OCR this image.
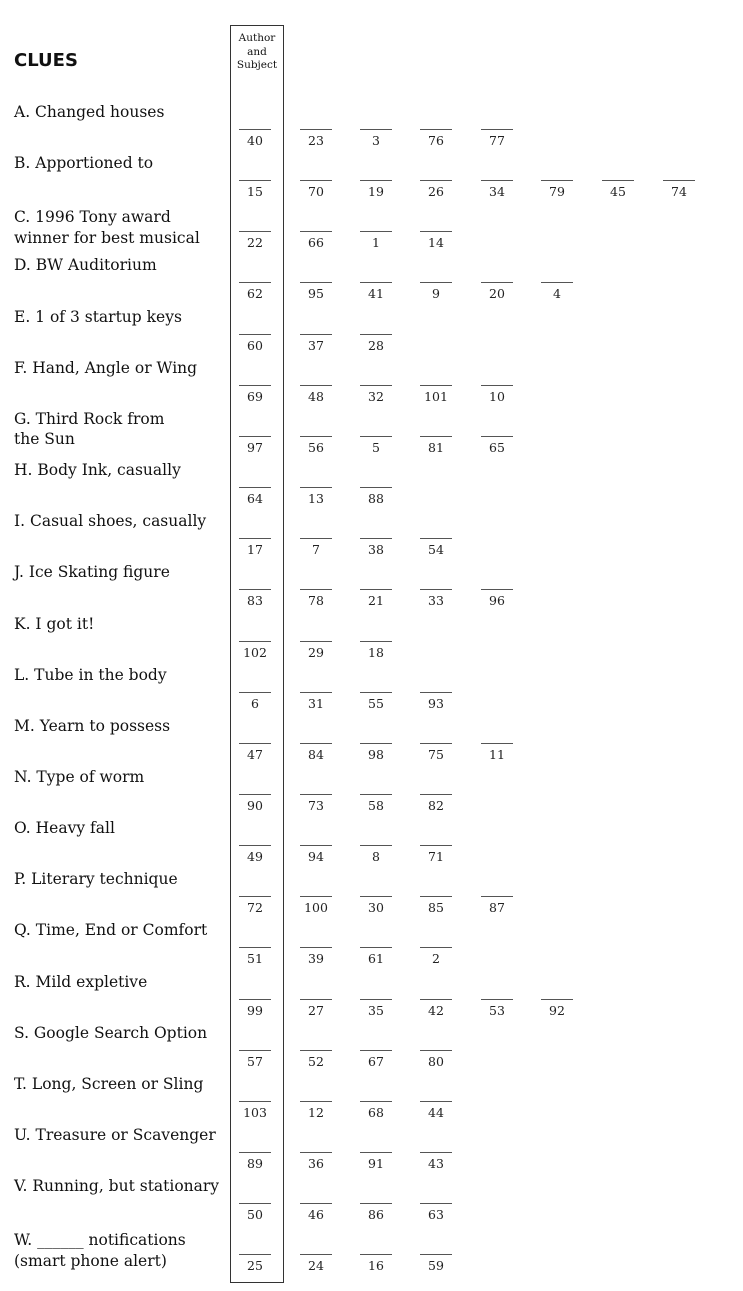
CLUES
Author
and
Subject
A. Changed houses
40	23	3	76	77
B. Apportioned to
15	70	19	26	34	79	45	74
C. 1996 Tony award winner for best musical	22	66	1	14
D. BW Auditorium
62	95	41	9	20	4
E. 1 of 3 startup keys
60	37	28
F. Hand, Angle or Wing
69	48	32	101	10
G. Third Rock from the Sun	97	56	5	81	65
H. Body Ink, casually
64	13	88
I. Casual shoes, casually
17	7	38	54
J. Ice Skating figure
83	78	21	33	96
K. I got it!
102	29	18
L. Tube in the body
6	31	55	93
M. Yearn to possess
47	84	98	75	11
N. Type of worm
90	73	58	82
O. Heavy fall
49	94	8	71
P. Literary technique
72	100	30	85	87
Q. Time, End or Comfort
51	39	61	2
R. Mild expletive
99	27	35	42	53	92
S. Google Search Option
57	52	67	80
T. Long, Screen or Sling
103	12	68	44
U. Treasure or Scavenger
89	36	91	43
V. Running, but stationary
50	46	86	63
W. ______ notifications (smart phone alert)	25	24	16	59
